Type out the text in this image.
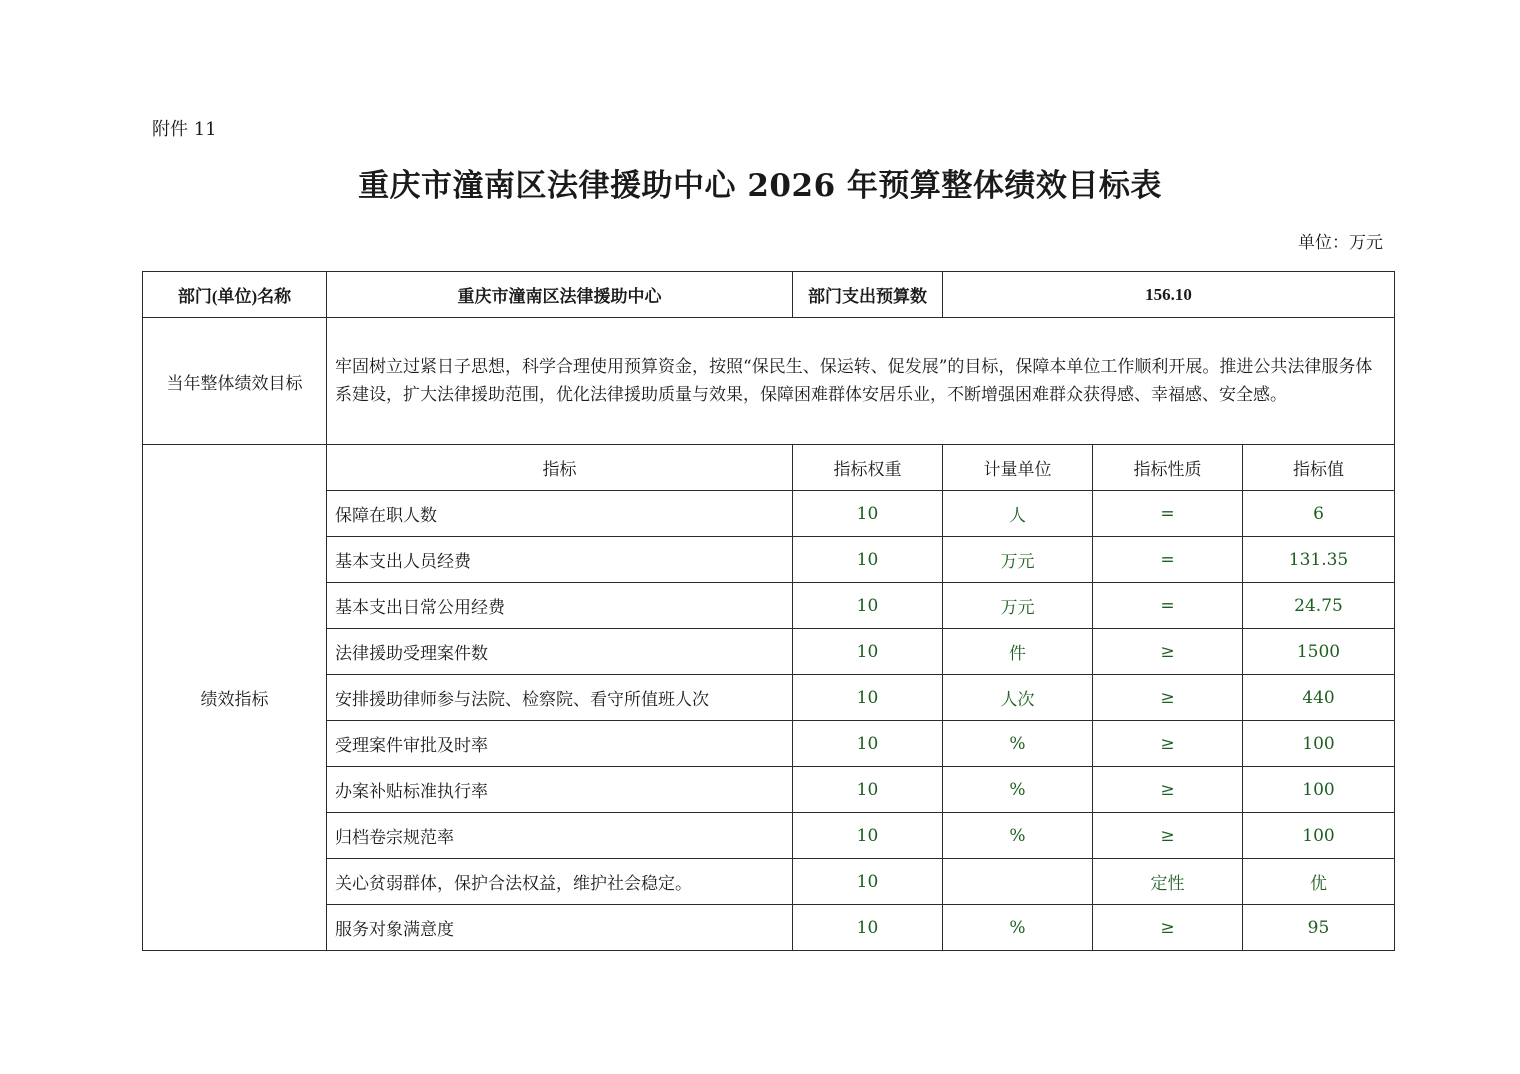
附件 11
重庆市潼南区法律援助中心 2026 年预算整体绩效目标表
单位：万元
部门(单位)名称	重庆市潼南区法律援助中心	部门支出预算数	156.10		
当年整体绩效目标	牢固树立过紧日子思想，科学合理使用预算资金，按照“保民生、保运转、促发展”的目标，保障本单位工作顺利开展。推进公共法律服务体系建设，扩大法律援助范围，优化法律援助质量与效果，保障困难群体安居乐业，不断增强困难群众获得感、幸福感、安全感。				
绩效指标	指标	指标权重	计量单位	指标性质	指标值
	保障在职人数	10	人	=	6
	基本支出人员经费	10	万元	=	131.35
	基本支出日常公用经费	10	万元	=	24.75
	法律援助受理案件数	10	件	≥	1500
	安排援助律师参与法院、检察院、看守所值班人次	10	人次	≥	440
	受理案件审批及时率	10	%	≥	100
	办案补贴标准执行率	10	%	≥	100
	归档卷宗规范率	10	%	≥	100
	关心贫弱群体，保护合法权益，维护社会稳定。	10		定性	优
	服务对象满意度	10	%	≥	95
